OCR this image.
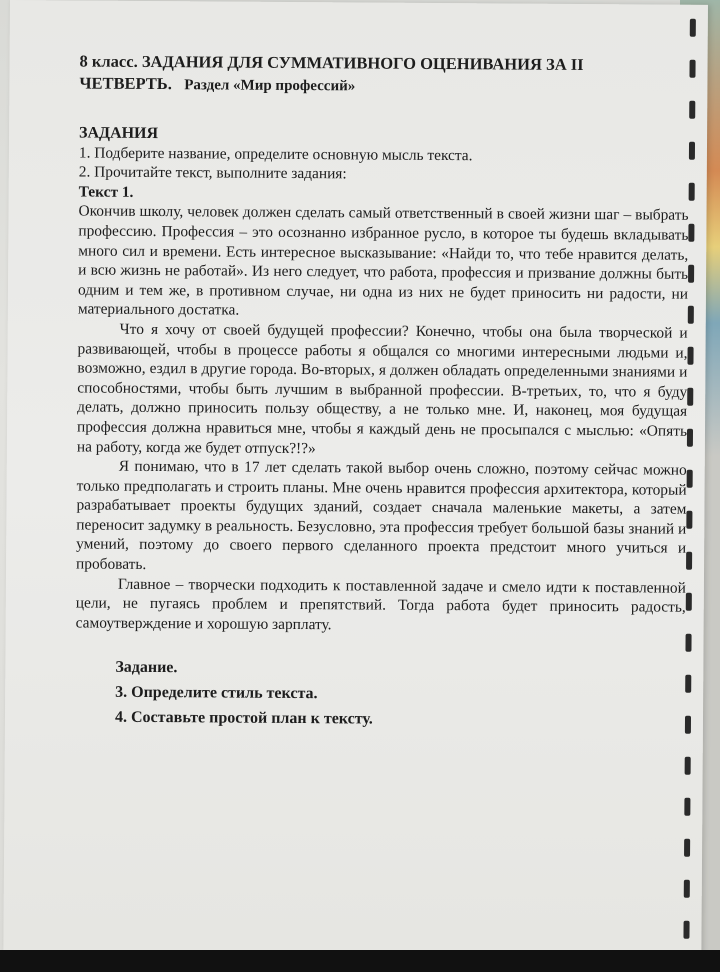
8 класс. ЗАДАНИЯ ДЛЯ СУММАТИВНОГО ОЦЕНИВАНИЯ ЗА II
ЧЕТВЕРТЬ. Раздел «Мир профессий»

ЗАДАНИЯ

1. Подберите название, определите основную мысль текста.

2. Прочитайте текст, выполните задания:

Текст 1.

Окончив школу, человек должен сделать самый ответственный в своей жизни шаг – выбрать профессию. Профессия – это осознанно избранное русло, в которое ты будешь вкладывать много сил и времени. Есть интересное высказывание: «Найди то, что тебе нравится делать, и всю жизнь не работай». Из него следует, что работа, профессия и призвание должны быть одним и тем же, в противном случае, ни одна из них не будет приносить ни радости, ни материального достатка.

Что я хочу от своей будущей профессии? Конечно, чтобы она была творческой и развивающей, чтобы в процессе работы я общался со многими интересными людьми и, возможно, ездил в другие города. Во-вторых, я должен обладать определенными знаниями и способностями, чтобы быть лучшим в выбранной профессии. В-третьих, то, что я буду делать, должно приносить пользу обществу, а не только мне. И, наконец, моя будущая профессия должна нравиться мне, чтобы я каждый день не просыпался с мыслью: «Опять на работу, когда же будет отпуск?!?»

Я понимаю, что в 17 лет сделать такой выбор очень сложно, поэтому сейчас можно только предполагать и строить планы. Мне очень нравится профессия архитектора, который разрабатывает проекты будущих зданий, создает сначала маленькие макеты, а затем переносит задумку в реальность. Безусловно, эта профессия требует большой базы знаний и умений, поэтому до своего первого сделанного проекта предстоит много учиться и пробовать.

Главное – творчески подходить к поставленной задаче и смело идти к поставленной цели, не пугаясь проблем и препятствий. Тогда работа будет приносить радость, самоутверждение и хорошую зарплату.

Задание.

3. Определите стиль текста.

4. Составьте простой план к тексту.
